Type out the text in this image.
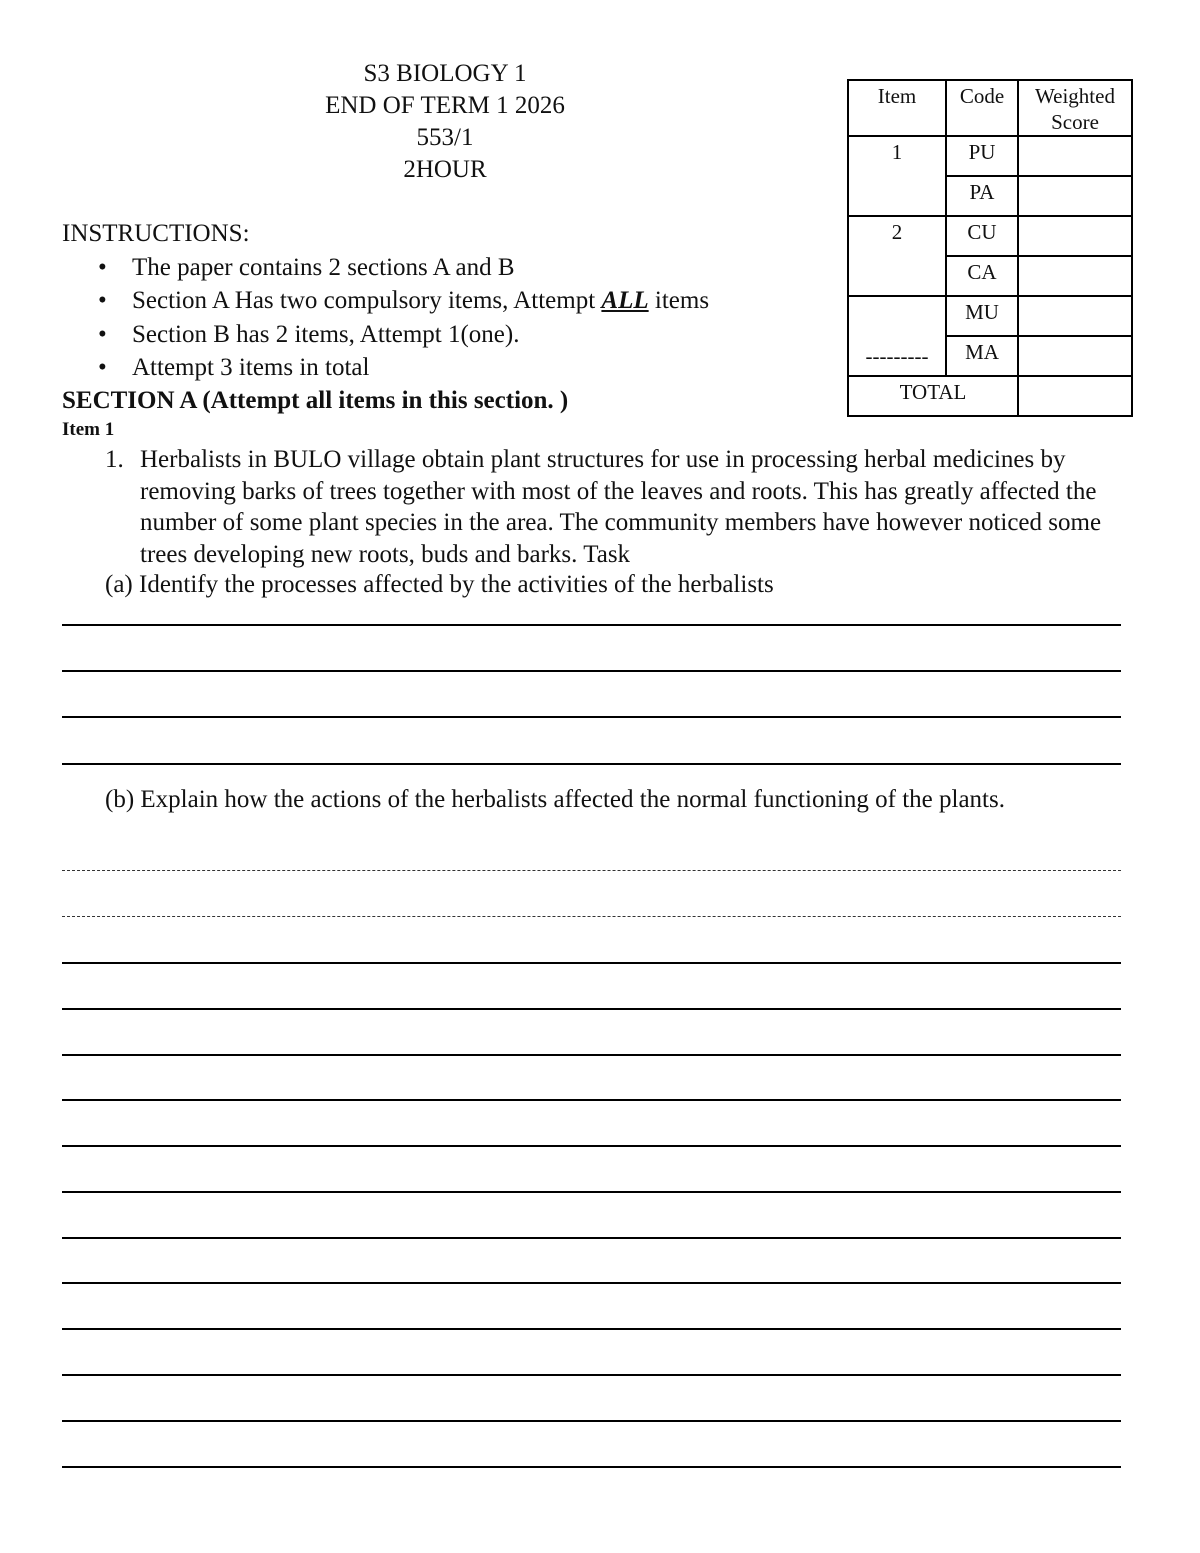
S3 BIOLOGY 1
END OF TERM 1 2026
553/1
2HOUR
Item	Code	Weighted Score
1	PU	
	PA	
2	CU	
	CA	
---------	MU	
	MA	
TOTAL		
INSTRUCTIONS:
• The paper contains 2 sections A and B
• Section A Has two compulsory items, Attempt ALL items
• Section B has 2 items, Attempt 1(one).
• Attempt 3 items in total
SECTION A (Attempt all items in this section. )
Item 1
1. Herbalists in BULO village obtain plant structures for use in processing herbal medicines by removing barks of trees together with most of the leaves and roots. This has greatly affected the number of some plant species in the area. The community members have however noticed some trees developing new roots, buds and barks. Task
(a) Identify the processes affected by the activities of the herbalists
(b) Explain how the actions of the herbalists affected the normal functioning of the plants.
